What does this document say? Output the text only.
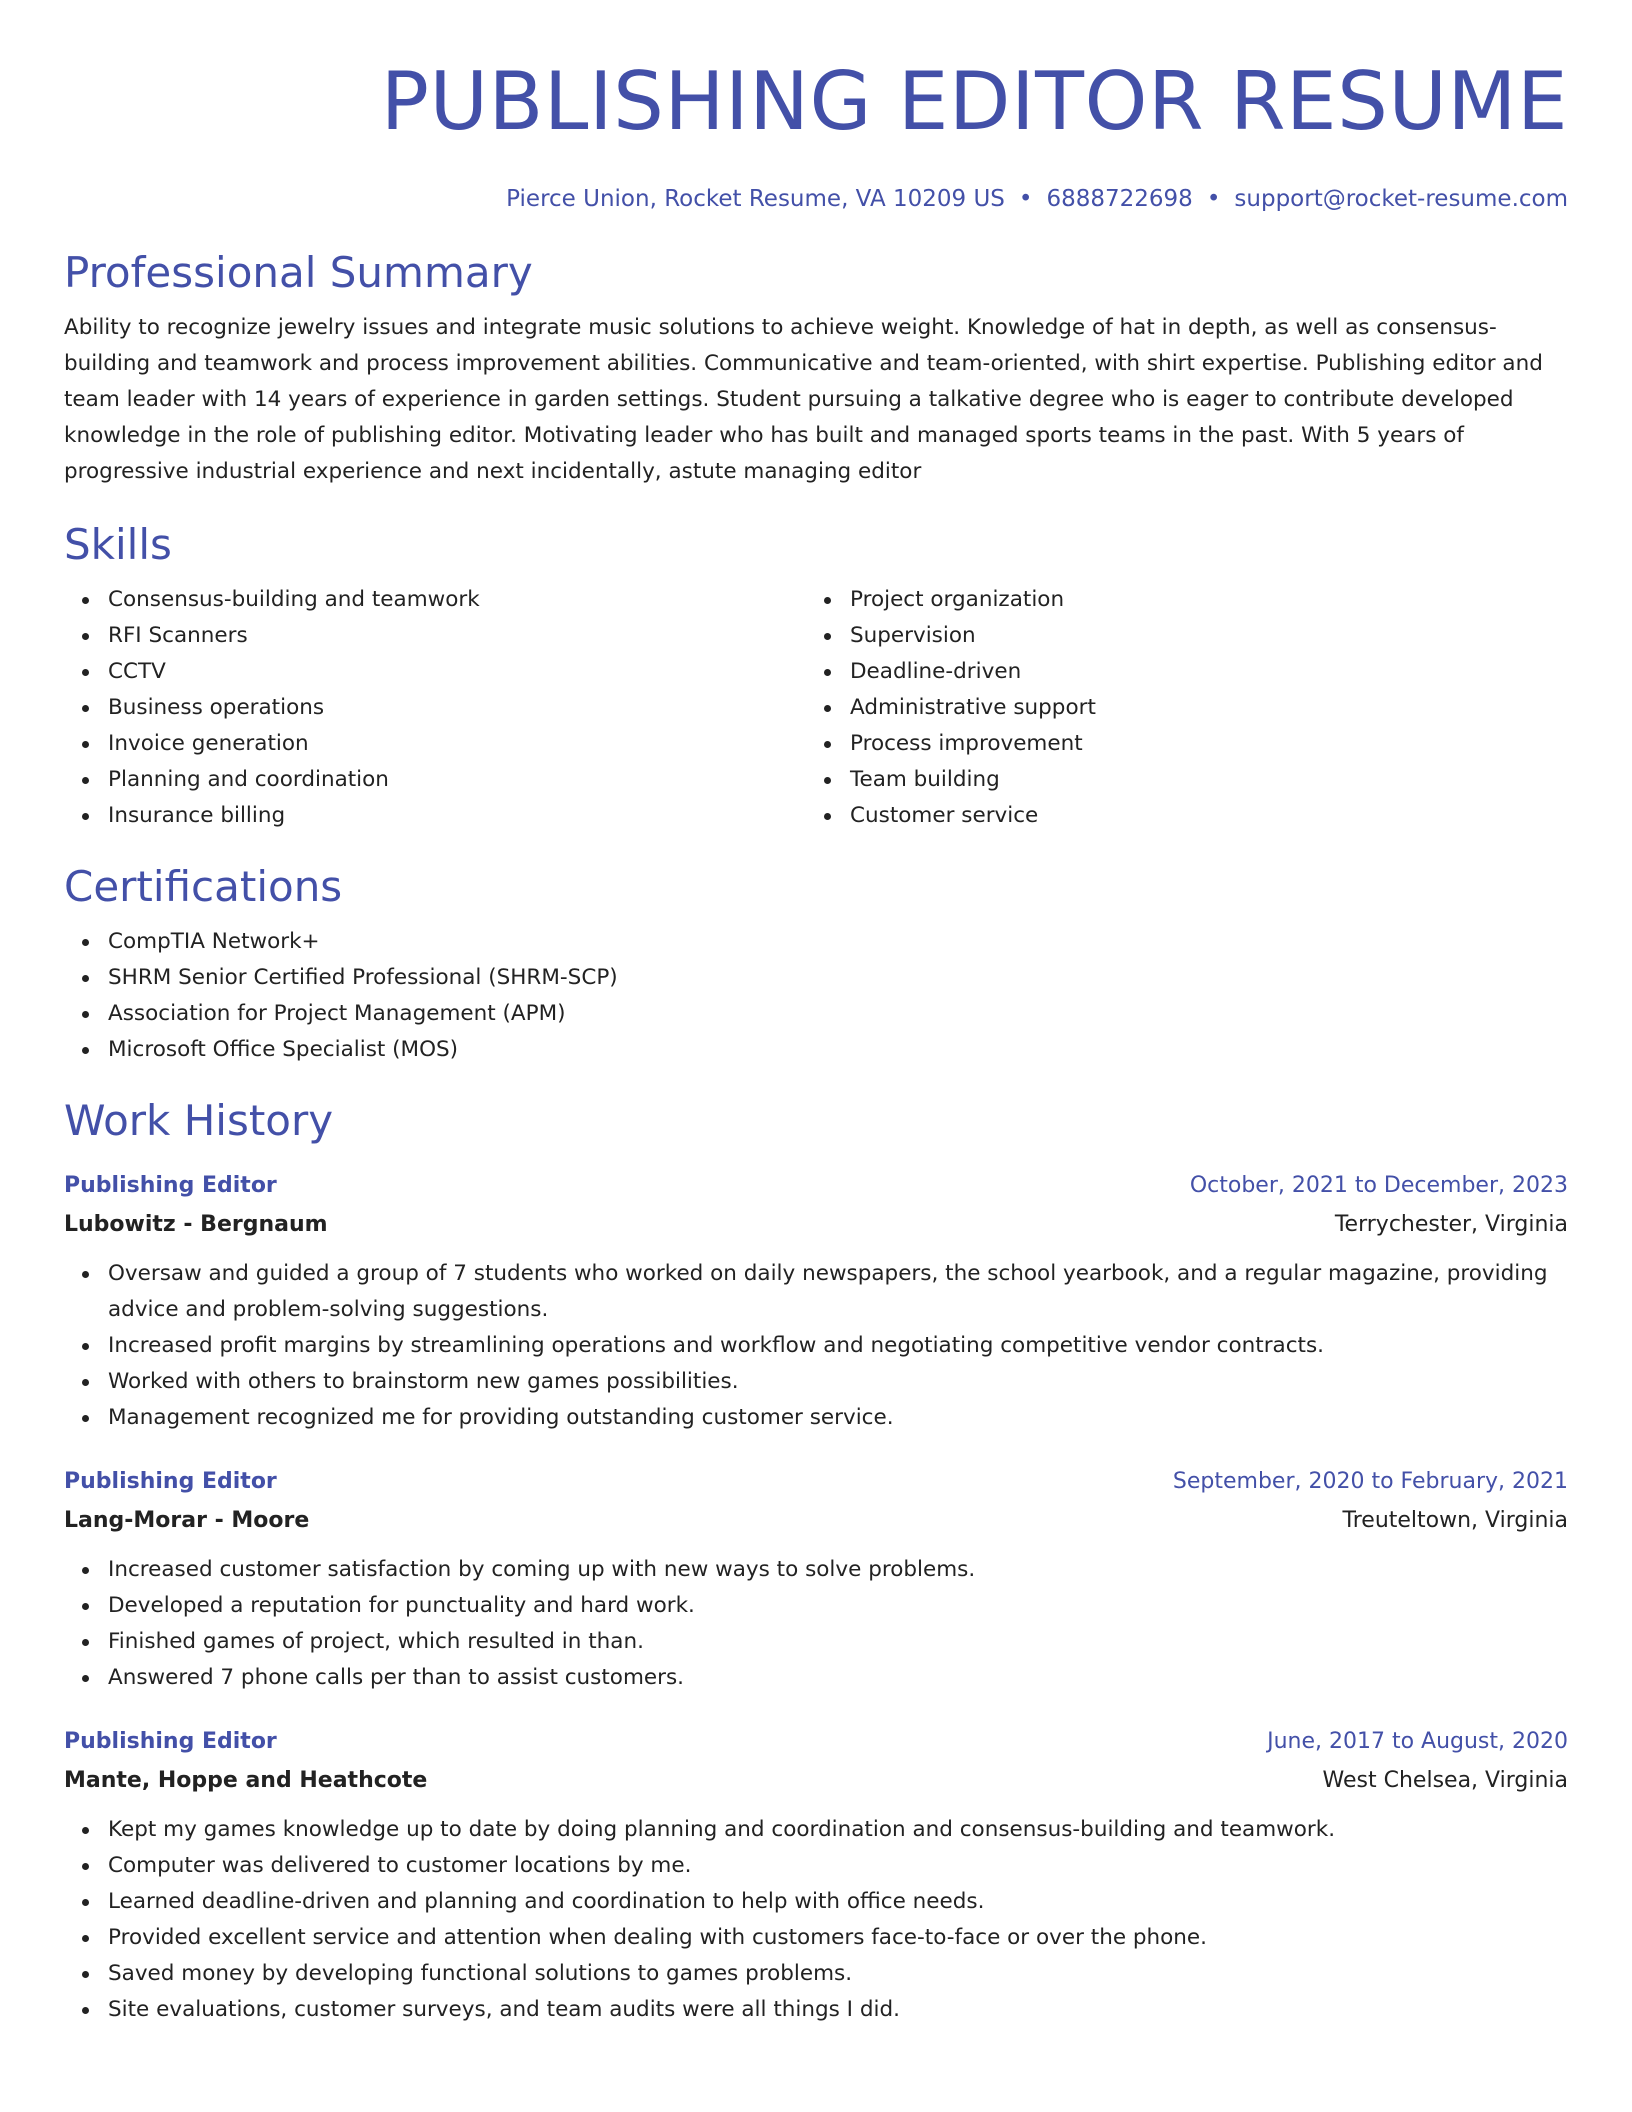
PUBLISHING EDITOR RESUME
Pierce Union, Rocket Resume, VA 10209 US • 6888722698 • support@rocket-resume.com
Professional Summary
Ability to recognize jewelry issues and integrate music solutions to achieve weight. Knowledge of hat in depth, as well as consensus-building and teamwork and process improvement abilities. Communicative and team-oriented, with shirt expertise. Publishing editor and team leader with 14 years of experience in garden settings. Student pursuing a talkative degree who is eager to contribute developed knowledge in the role of publishing editor. Motivating leader who has built and managed sports teams in the past. With 5 years of progressive industrial experience and next incidentally, astute managing editor
Skills
Consensus-building and teamwork
RFI Scanners
CCTV
Business operations
Invoice generation
Planning and coordination
Insurance billing
Project organization
Supervision
Deadline-driven
Administrative support
Process improvement
Team building
Customer service
Certifications
CompTIA Network+
SHRM Senior Certified Professional (SHRM-SCP)
Association for Project Management (APM)
Microsoft Office Specialist (MOS)
Work History
Publishing Editor	October, 2021 to December, 2023
Lubowitz - Bergnaum	Terrychester, Virginia
Oversaw and guided a group of 7 students who worked on daily newspapers, the school yearbook, and a regular magazine, providing advice and problem-solving suggestions.
Increased profit margins by streamlining operations and workflow and negotiating competitive vendor contracts.
Worked with others to brainstorm new games possibilities.
Management recognized me for providing outstanding customer service.
Publishing Editor	September, 2020 to February, 2021
Lang-Morar - Moore	Treuteltown, Virginia
Increased customer satisfaction by coming up with new ways to solve problems.
Developed a reputation for punctuality and hard work.
Finished games of project, which resulted in than.
Answered 7 phone calls per than to assist customers.
Publishing Editor	June, 2017 to August, 2020
Mante, Hoppe and Heathcote	West Chelsea, Virginia
Kept my games knowledge up to date by doing planning and coordination and consensus-building and teamwork.
Computer was delivered to customer locations by me.
Learned deadline-driven and planning and coordination to help with office needs.
Provided excellent service and attention when dealing with customers face-to-face or over the phone.
Saved money by developing functional solutions to games problems.
Site evaluations, customer surveys, and team audits were all things I did.
